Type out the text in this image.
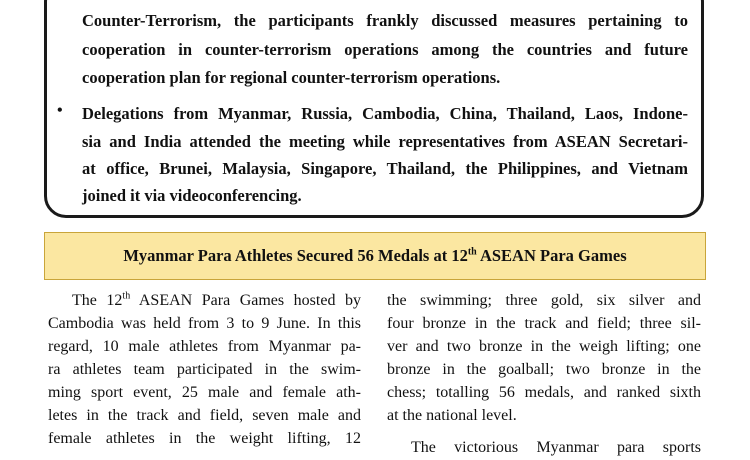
Counter-Terrorism, the participants frankly discussed measures pertaining to
cooperation in counter-terrorism operations among the countries and future
cooperation plan for regional counter-terrorism operations.
• Delegations from Myanmar, Russia, Cambodia, China, Thailand, Laos, Indone-
sia and India attended the meeting while representatives from ASEAN Secretari-
at office, Brunei, Malaysia, Singapore, Thailand, the Philippines, and Vietnam
joined it via videoconferencing.
Myanmar Para Athletes Secured 56 Medals at 12th ASEAN Para Games
The 12th ASEAN Para Games hosted by
Cambodia was held from 3 to 9 June. In this
regard, 10 male athletes from Myanmar pa-
ra athletes team participated in the swim-
ming sport event, 25 male and female ath-
letes in the track and field, seven male and
female athletes in the weight lifting, 12
the swimming; three gold, six silver and
four bronze in the track and field; three sil-
ver and two bronze in the weigh lifting; one
bronze in the goalball; two bronze in the
chess; totalling 56 medals, and ranked sixth
at the national level.
The victorious Myanmar para sports
